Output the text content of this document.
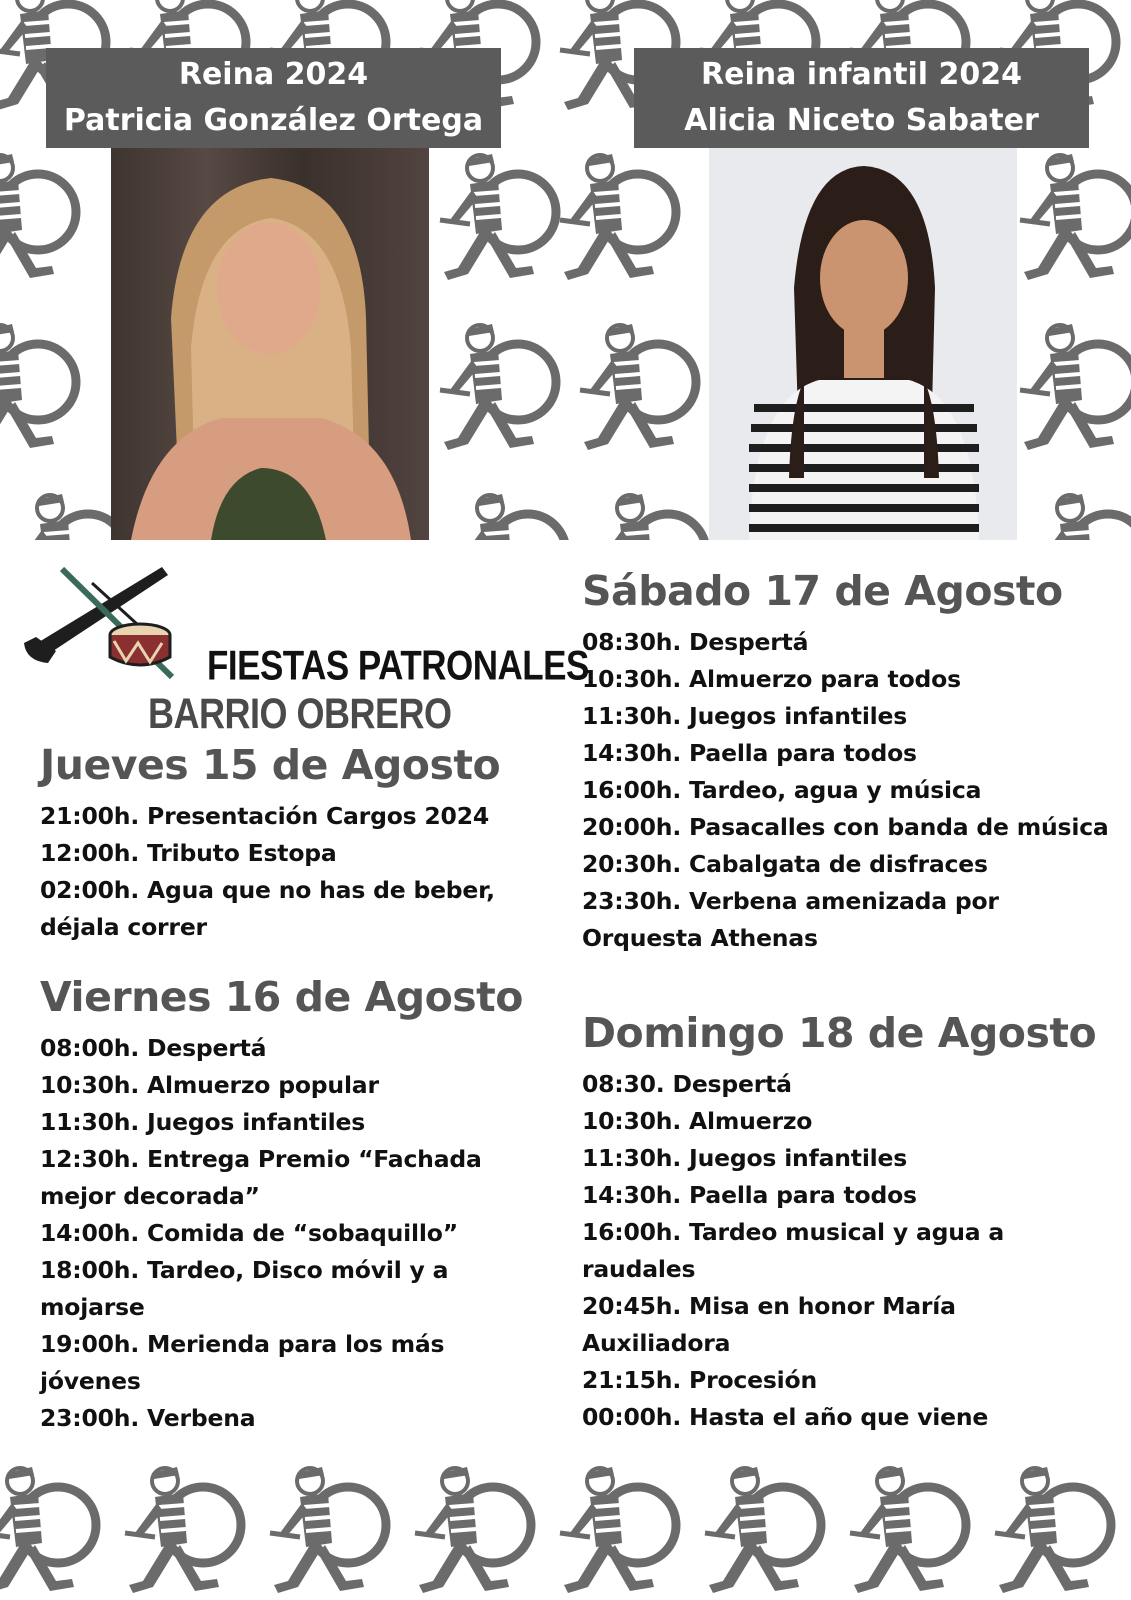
Reina 2024
Patricia González Ortega
Reina infantil 2024
Alicia Niceto Sabater
FIESTAS PATRONALES
BARRIO OBRERO
Jueves 15 de Agosto
21:00h. Presentación Cargos 2024
12:00h. Tributo Estopa
02:00h. Agua que no has de beber, déjala correr
Viernes 16 de Agosto
08:00h. Despertá
10:30h. Almuerzo popular
11:30h. Juegos infantiles
12:30h. Entrega Premio “Fachada mejor decorada”
14:00h. Comida de “sobaquillo”
18:00h. Tardeo, Disco móvil y a mojarse
19:00h. Merienda para los más jóvenes
23:00h. Verbena
Sábado 17 de Agosto
08:30h. Despertá
10:30h. Almuerzo para todos
11:30h. Juegos infantiles
14:30h. Paella para todos
16:00h. Tardeo, agua y música
20:00h. Pasacalles con banda de música
20:30h. Cabalgata de disfraces
23:30h. Verbena amenizada por Orquesta Athenas
Domingo 18 de Agosto
08:30. Despertá
10:30h. Almuerzo
11:30h. Juegos infantiles
14:30h. Paella para todos
16:00h. Tardeo musical y agua a raudales
20:45h. Misa en honor María Auxiliadora
21:15h. Procesión
00:00h. Hasta el año que viene
